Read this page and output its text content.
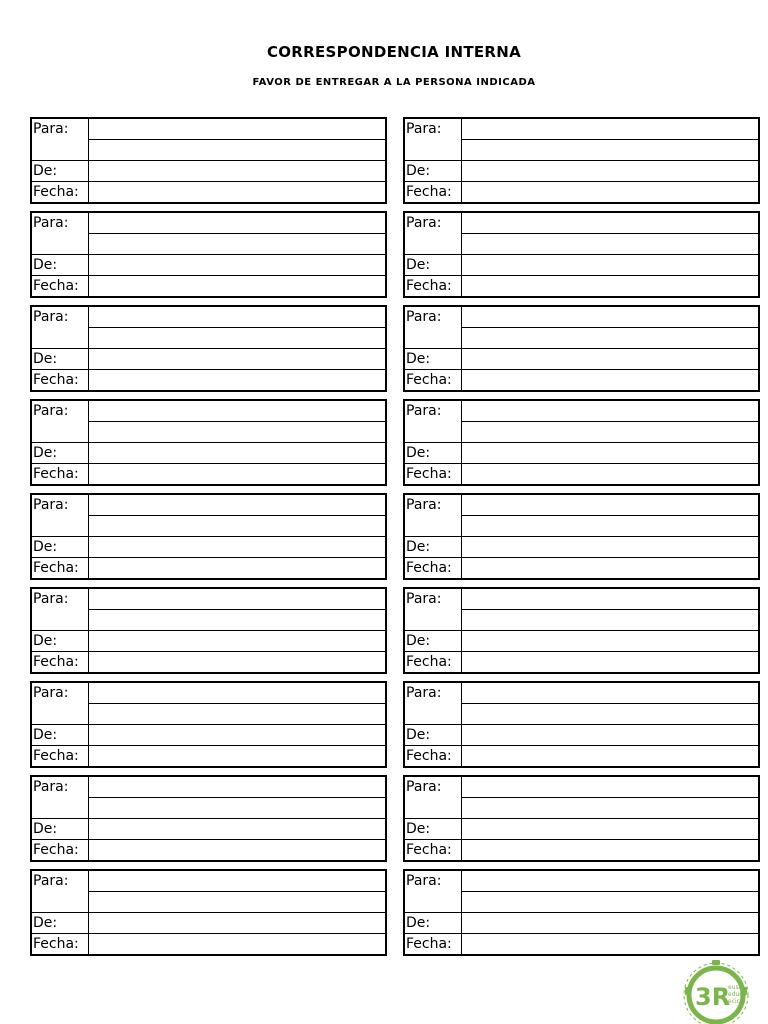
CORRESPONDENCIA INTERNA
FAVOR DE ENTREGAR A LA PERSONA INDICADA
Para:
De:
Fecha:
Para:
De:
Fecha:
Para:
De:
Fecha:
Para:
De:
Fecha:
Para:
De:
Fecha:
Para:
De:
Fecha:
Para:
De:
Fecha:
Para:
De:
Fecha:
Para:
De:
Fecha:
Para:
De:
Fecha:
Para:
De:
Fecha:
Para:
De:
Fecha:
Para:
De:
Fecha:
Para:
De:
Fecha:
Para:
De:
Fecha:
Para:
De:
Fecha:
Para:
De:
Fecha:
Para:
De:
Fecha:
3R
eusa
educe
ecicla
